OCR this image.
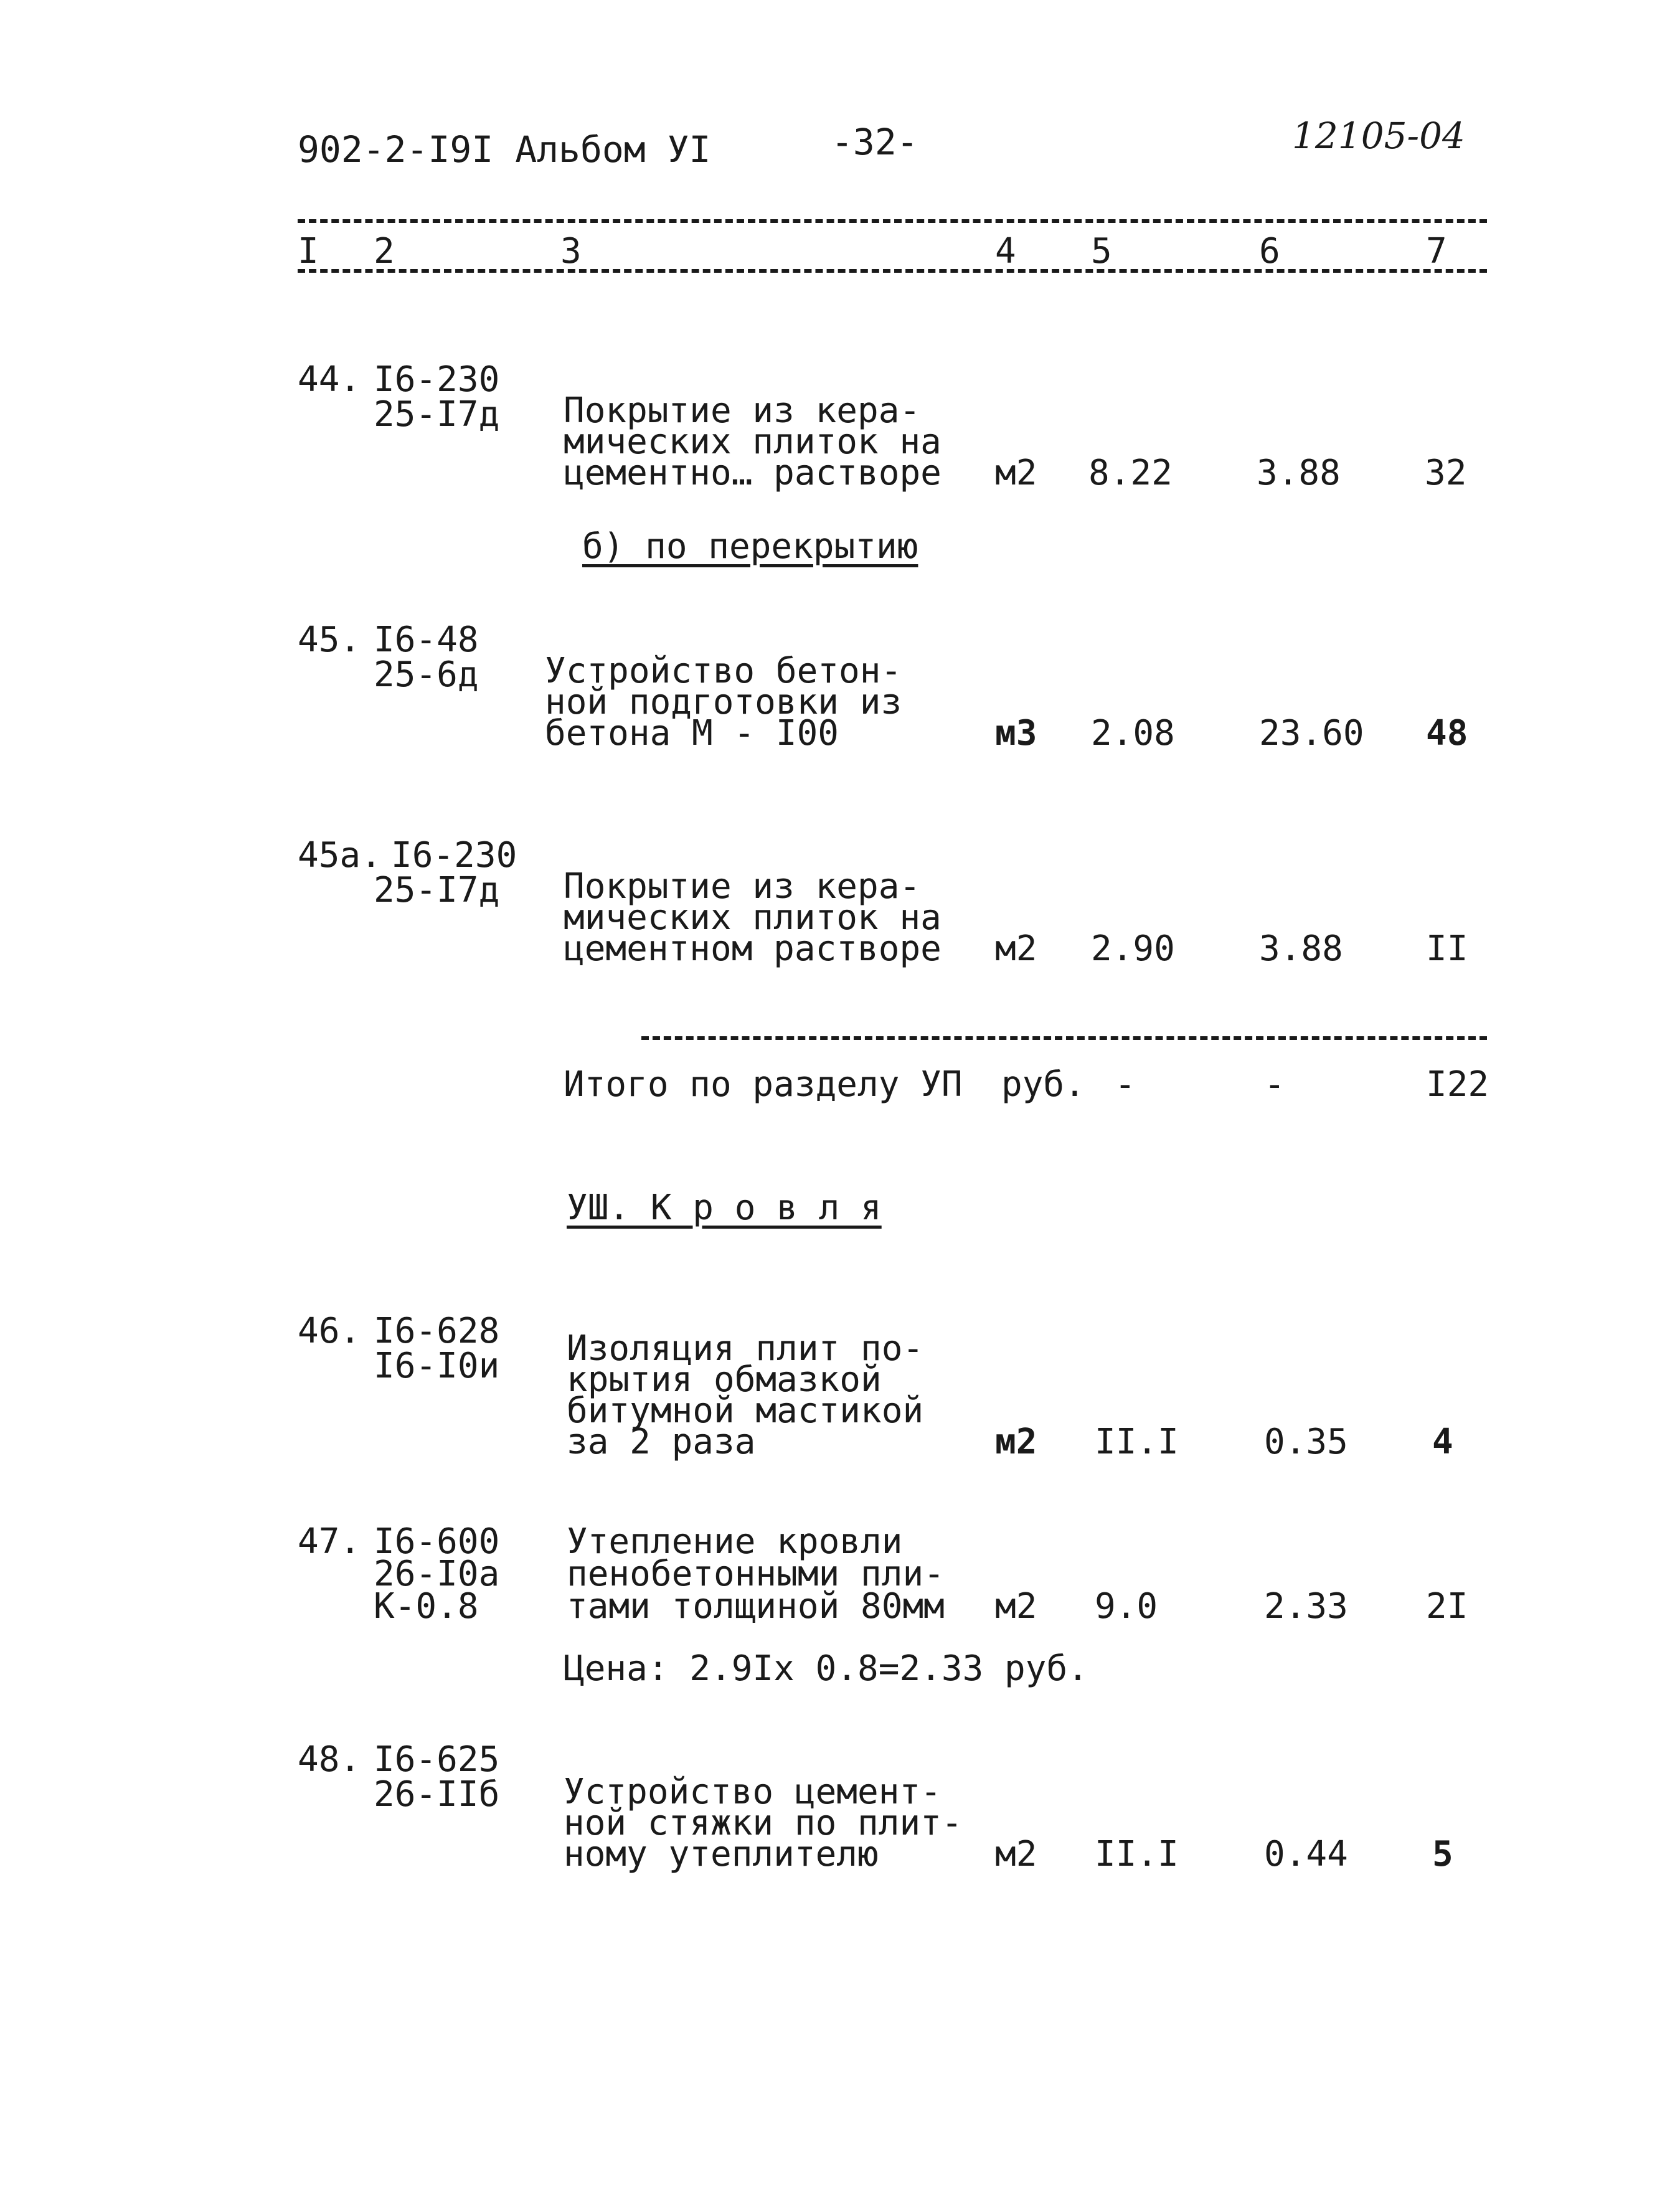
902-2-I9I Альбом УI	-32-	12105-04
I 2	3	4 5	6	7
44. I6-230
25-I7д Покрытие из кера-
мических плиток на
цементно… растворе м2 8.22 3.88 32
б) по перекрытию
45. I6-48
25-6д Устройство бетон-
ной подготовки из
бетона М - I00	м3 2.08 23.60 48
45а. I6-230
25-I7д Покрытие из кера-
мических плиток на
цементном растворе м2 2.90 3.88 II
Итого по разделу УП руб. -	-	I22
УШ. К р о в л я
46. I6-628
I6-I0и Изоляция плит по-
крытия обмазкой
битумной мастикой
за 2 раза	м2 II.I 0.35 4
47. I6-600
26-I0а
К-0.8
Утепление кровли
пенобетонными пли-
тами толщиной 80мм м2 9.0	2.33 2I
Цена: 2.9Iх 0.8=2.33 руб.
48. I6-625
26-IIб Устройство цемент-
ной стяжки по плит-
ному утеплителю	м2 II.I 0.44 5
